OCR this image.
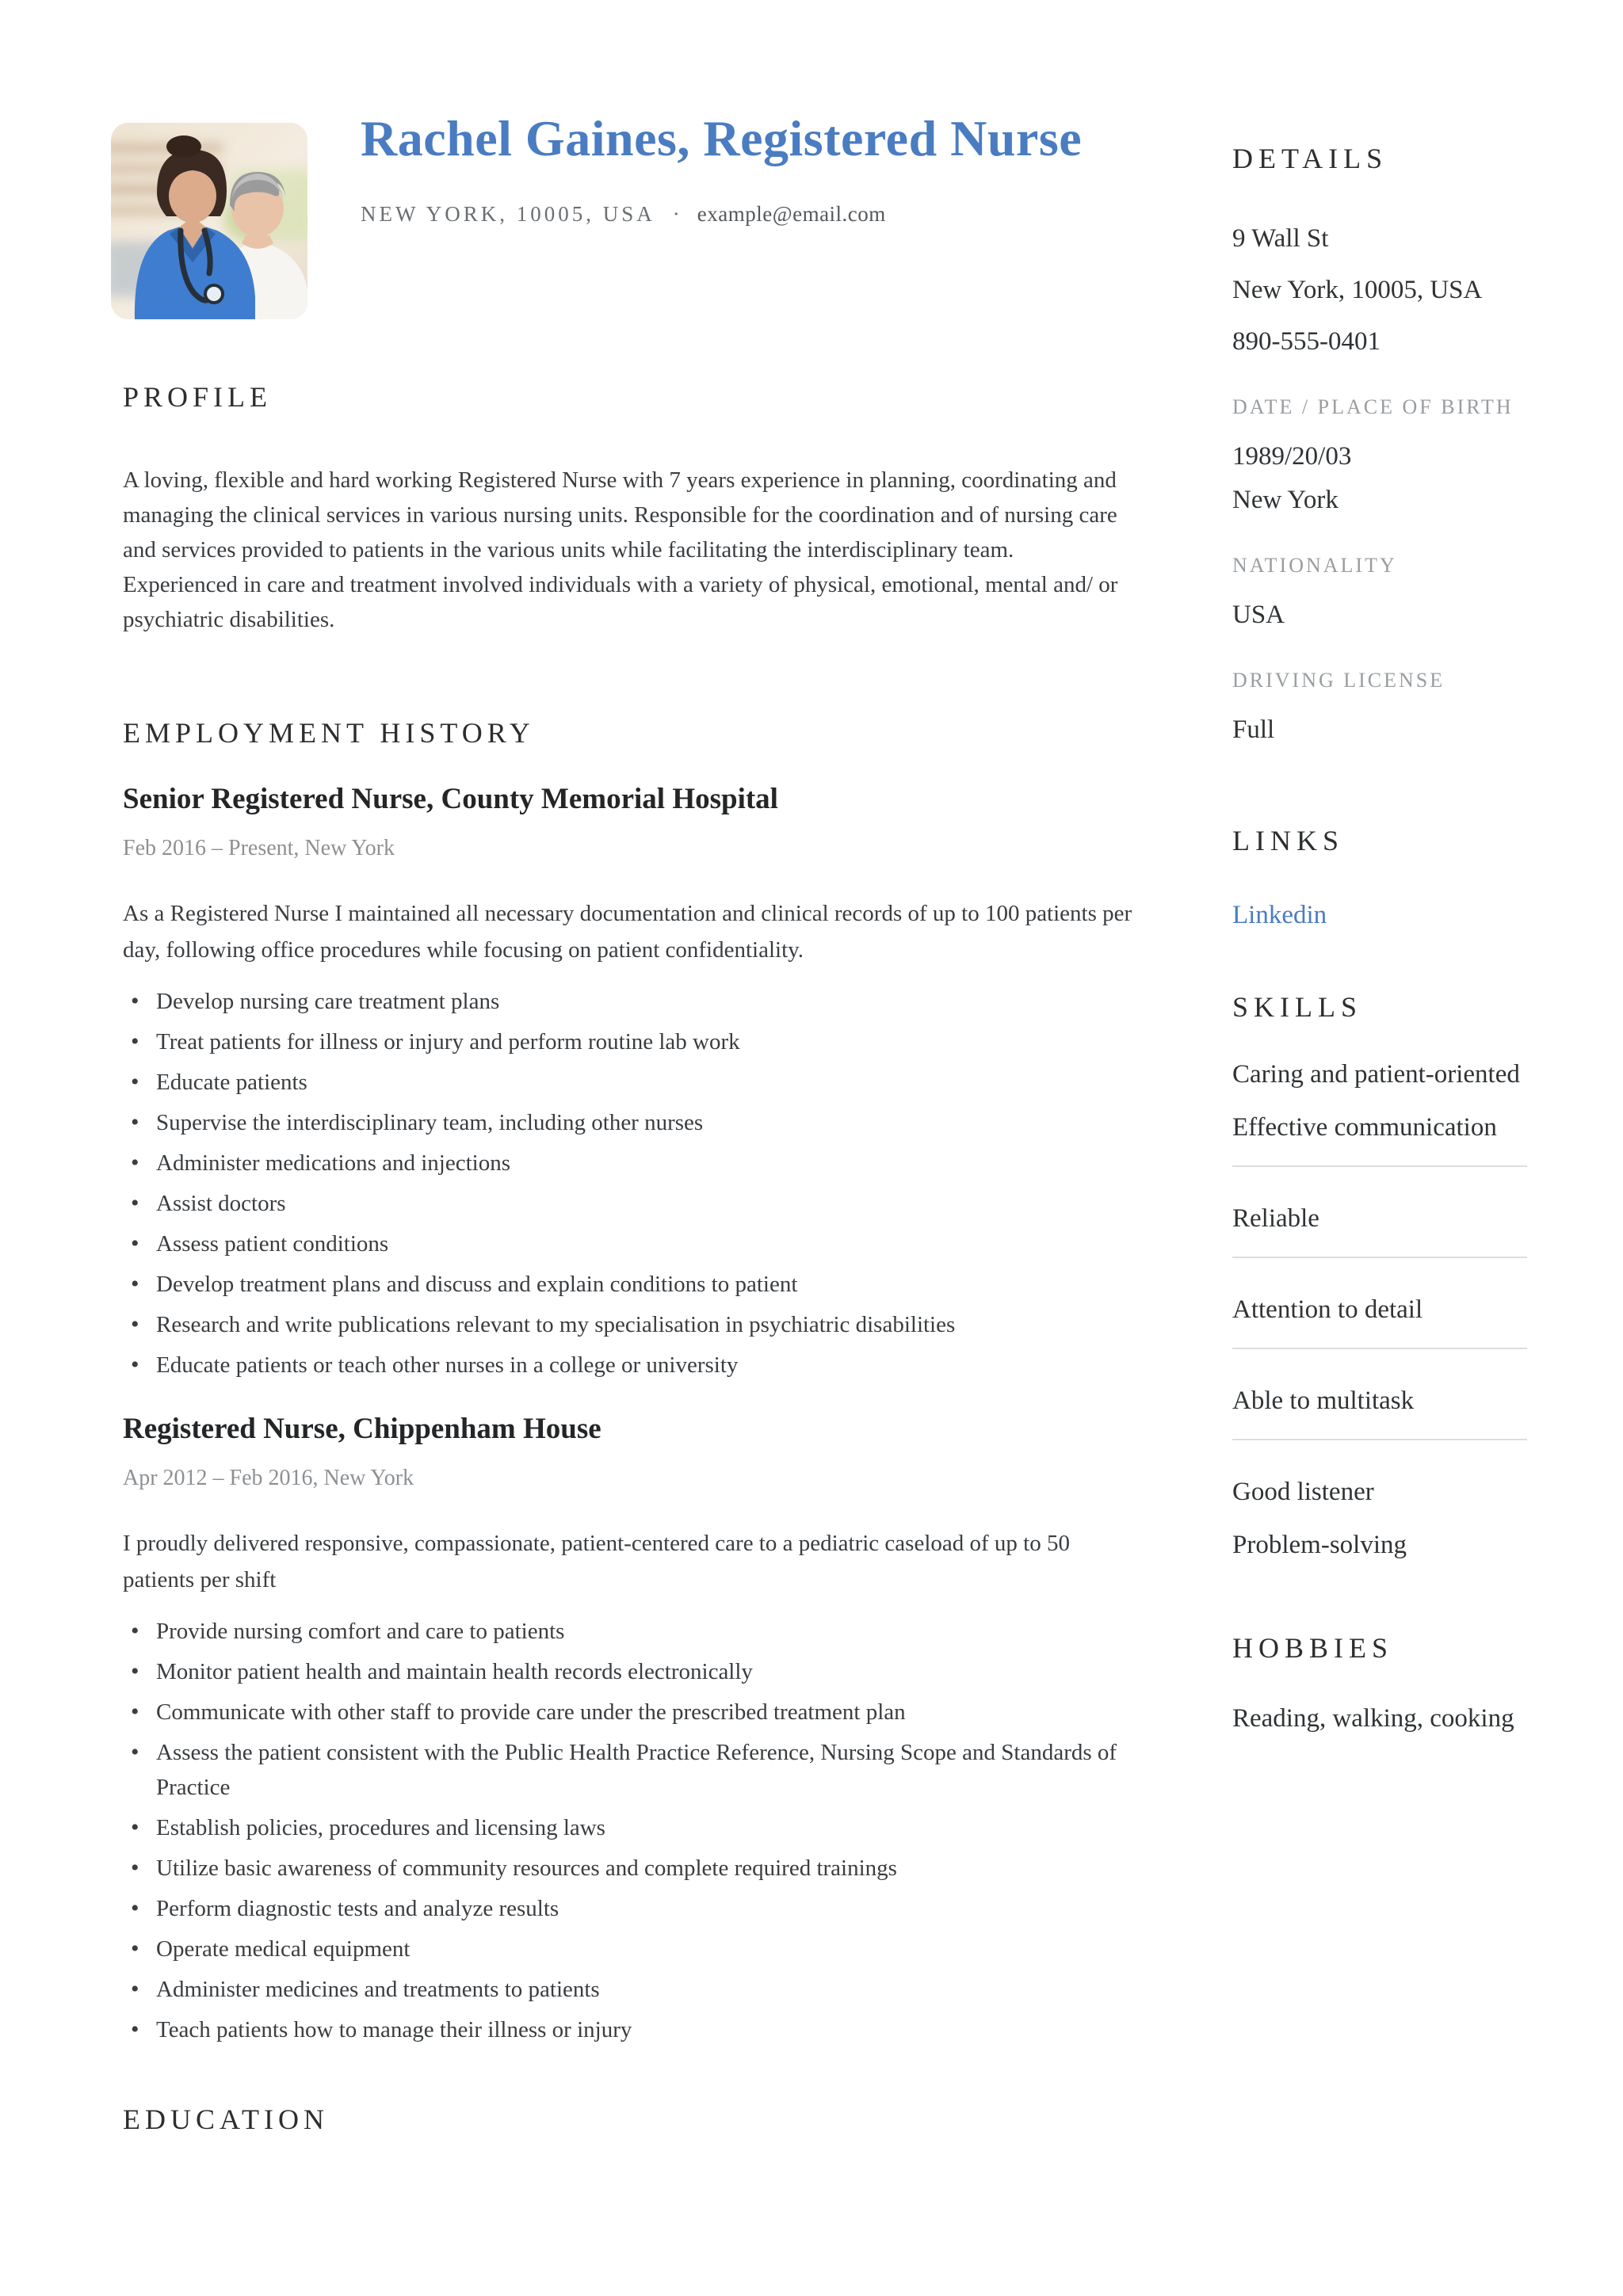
Rachel Gaines, Registered Nurse
NEW YORK, 10005, USA · example@email.com
PROFILE

A loving, flexible and hard working Registered Nurse with 7 years experience in planning, coordinating and managing the clinical services in various nursing units. Responsible for the coordination and of nursing care and services provided to patients in the various units while facilitating the interdisciplinary team. Experienced in care and treatment involved individuals with a variety of physical, emotional, mental and/ or psychiatric disabilities.

EMPLOYMENT HISTORY
Senior Registered Nurse, County Memorial Hospital
Feb 2016 – Present, New York

As a Registered Nurse I maintained all necessary documentation and clinical records of up to 100 patients per day, following office procedures while focusing on patient confidentiality.

• Develop nursing care treatment plans
• Treat patients for illness or injury and perform routine lab work
• Educate patients
• Supervise the interdisciplinary team, including other nurses
• Administer medications and injections
• Assist doctors
• Assess patient conditions
• Develop treatment plans and discuss and explain conditions to patient
• Research and write publications relevant to my specialisation in psychiatric disabilities
• Educate patients or teach other nurses in a college or university
Registered Nurse, Chippenham House
Apr 2012 – Feb 2016, New York

I proudly delivered responsive, compassionate, patient-centered care to a pediatric caseload of up to 50 patients per shift

• Provide nursing comfort and care to patients
• Monitor patient health and maintain health records electronically
• Communicate with other staff to provide care under the prescribed treatment plan
• Assess the patient consistent with the Public Health Practice Reference, Nursing Scope and Standards of Practice
• Establish policies, procedures and licensing laws
• Utilize basic awareness of community resources and complete required trainings
• Perform diagnostic tests and analyze results
• Operate medical equipment
• Administer medicines and treatments to patients
• Teach patients how to manage their illness or injury
EDUCATION
DETAILS
9 Wall St
New York, 10005, USA
890-555-0401
DATE / PLACE OF BIRTH
1989/20/03
New York
NATIONALITY
USA
DRIVING LICENSE
Full
LINKS
Linkedin
SKILLS
Caring and patient-oriented
Effective communication
Reliable
Attention to detail
Able to multitask
Good listener
Problem-solving
HOBBIES
Reading, walking, cooking
